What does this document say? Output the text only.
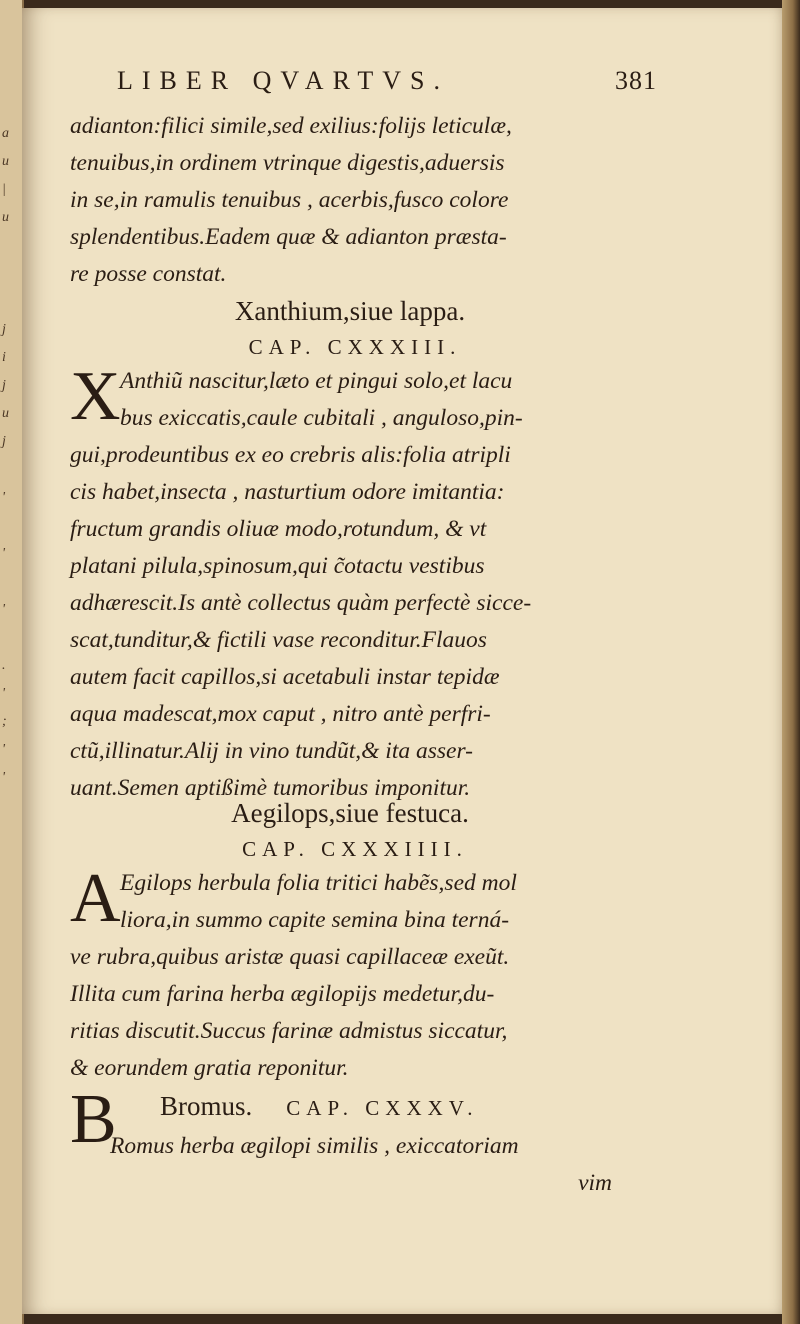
a
u
|
u

j
i
j
u
j

'

'

'

.
'
;
'
'
LIBER QVARTVS.	381

adianton:filici simile,sed exilius:folijs leticulæ,

tenuibus,in ordinem vtrinque digestis,aduersis

in se,in ramulis tenuibus , acerbis,fusco colore

splendentibus.Eadem quæ & adianton præsta-

re posse constat.

Xanthium,siue lappa.

CAP. CXXXIII.

X Anthiũ nascitur,læto et pingui solo,et lacu

bus exiccatis,caule cubitali , anguloso,pin-

gui,prodeuntibus ex eo crebris alis:folia atripli

cis habet,insecta , nasturtium odore imitantia:

fructum grandis oliuæ modo,rotundum, & vt

platani pilula,spinosum,qui c̃otactu vestibus

adhærescit.Is antè collectus quàm perfectè sicce-

scat,tunditur,& fictili vase reconditur.Flauos

autem facit capillos,si acetabuli instar tepidæ

aqua madescat,mox caput , nitro antè perfri-

ctũ,illinatur.Alij in vino tundũt,& ita asser-

uant.Semen aptißimè tumoribus imponitur.

Aegilops,siue festuca.

CAP. CXXXIIII.

A Egilops herbula folia tritici habẽs,sed mol

liora,in summo capite semina bina terná-

ve rubra,quibus aristæ quasi capillaceæ exeũt.

Illita cum farina herba ægilopijs medetur,du-

ritias discutit.Succus farinæ admistus siccatur,

& eorundem gratia reponitur.

B	Bromus. CAP. CXXXV.

Romus herba ægilopi similis , exiccatoriam

vim
